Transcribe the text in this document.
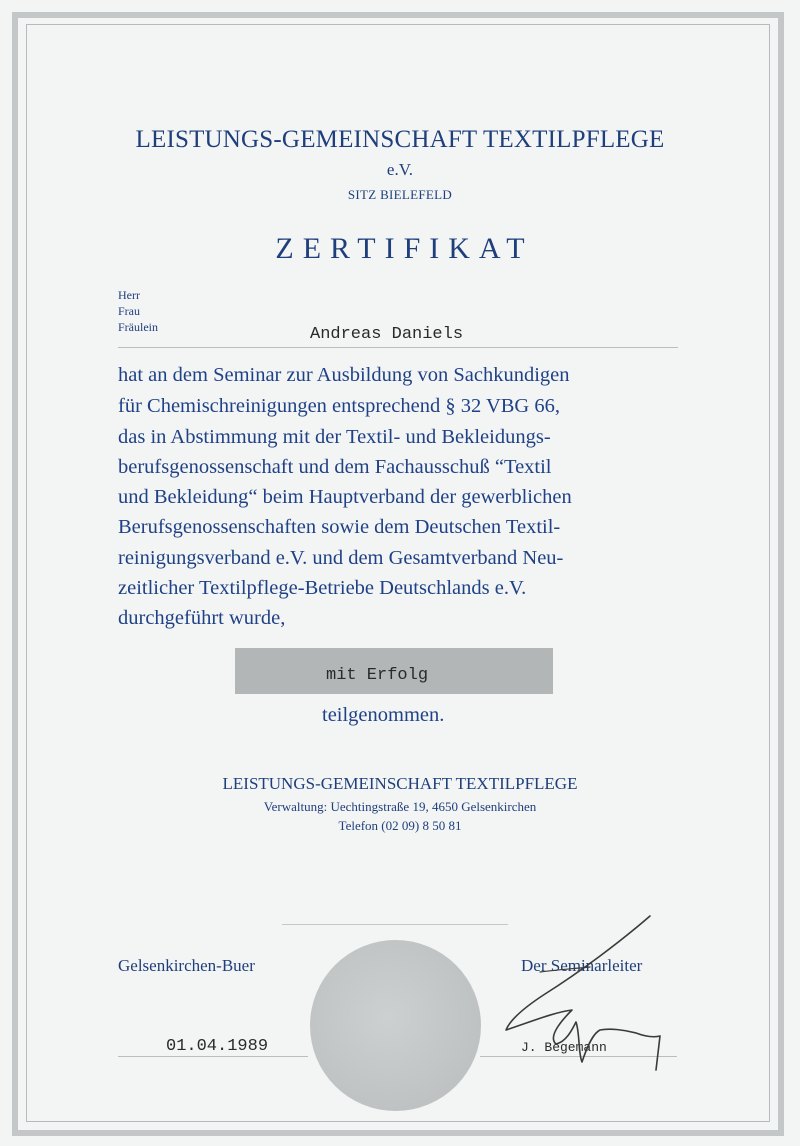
LEISTUNGS-GEMEINSCHAFT TEXTILPFLEGE
e.V.
SITZ BIELEFELD
ZERTIFIKAT
Herr
Frau
Fräulein	Andreas Daniels
hat an dem Seminar zur Ausbildung von Sachkundigen
für Chemischreinigungen entsprechend § 32 VBG 66,
das in Abstimmung mit der Textil- und Bekleidungs-
berufsgenossenschaft und dem Fachausschuß “Textil
und Bekleidung“ beim Hauptverband der gewerblichen
Berufsgenossenschaften sowie dem Deutschen Textil-
reinigungsverband e.V. und dem Gesamtverband Neu-
zeitlicher Textilpflege-Betriebe Deutschlands e.V.
durchgeführt wurde,
mit Erfolg
teilgenommen.
LEISTUNGS-GEMEINSCHAFT TEXTILPFLEGE
Verwaltung: Uechtingstraße 19, 4650 Gelsenkirchen
Telefon (02 09) 8 50 81
Gelsenkirchen-Buer	Der Seminarleiter
01.04.1989	J. Begemann
